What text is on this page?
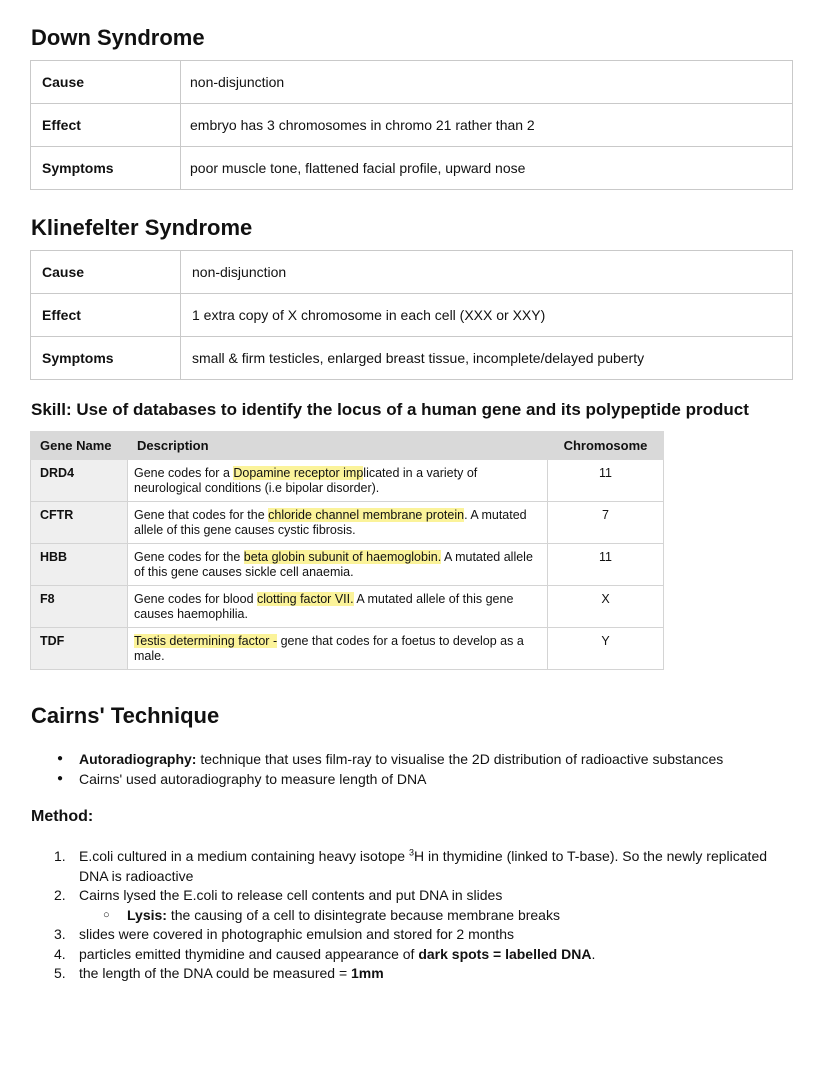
Down Syndrome
Cause	non-disjunction
Effect	embryo has 3 chromosomes in chromo 21 rather than 2
Symptoms	poor muscle tone, flattened facial profile, upward nose
Klinefelter Syndrome
Cause	non-disjunction
Effect	1 extra copy of X chromosome in each cell (XXX or XXY)
Symptoms	small & firm testicles, enlarged breast tissue, incomplete/delayed puberty
Skill: Use of databases to identify the locus of a human gene and its polypeptide product
Gene Name	Description	Chromosome
DRD4	Gene codes for a Dopamine receptor implicated in a variety of neurological conditions (i.e bipolar disorder).	11
CFTR	Gene that codes for the chloride channel membrane protein. A mutated allele of this gene causes cystic fibrosis.	7
HBB	Gene codes for the beta globin subunit of haemoglobin. A mutated allele of this gene causes sickle cell anaemia.	11
F8	Gene codes for blood clotting factor VII. A mutated allele of this gene causes haemophilia.	X
TDF	Testis determining factor - gene that codes for a foetus to develop as a male.	Y
Cairns' Technique
● Autoradiography: technique that uses film-ray to visualise the 2D distribution of radioactive substances
● Cairns' used autoradiography to measure length of DNA
Method:
1. E.coli cultured in a medium containing heavy isotope $^3$H in thymidine (linked to T-base). So the newly replicated DNA is radioactive
2. Cairns lysed the E.coli to release cell contents and put DNA in slides
○ Lysis: the causing of a cell to disintegrate because membrane breaks
3. slides were covered in photographic emulsion and stored for 2 months
4. particles emitted thymidine and caused appearance of dark spots = labelled DNA.
5. the length of the DNA could be measured = 1mm
